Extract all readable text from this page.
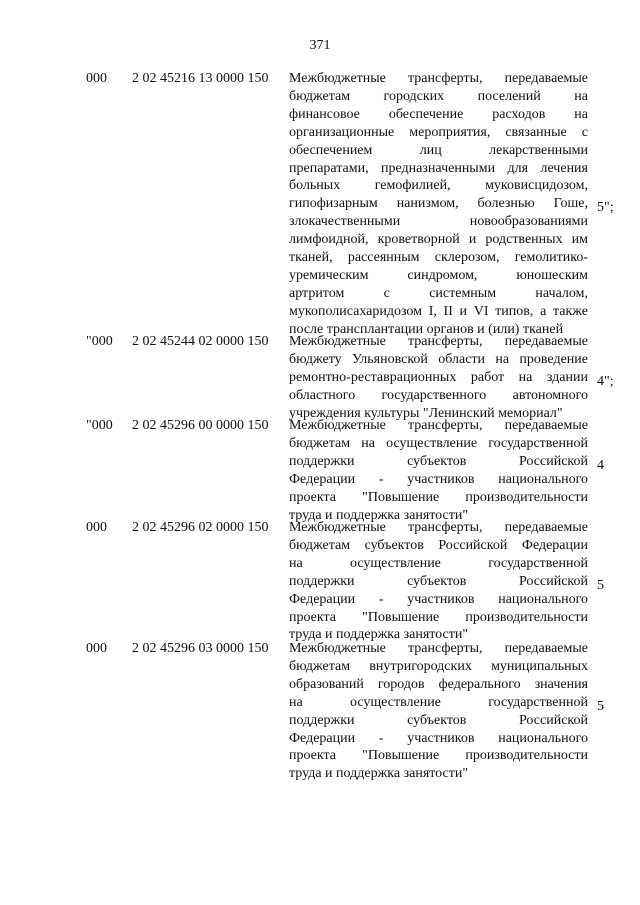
371
000 2 02 45216 13 0000 150 Межбюджетные трансферты, передаваемые
бюджетам городских поселений на
финансовое обеспечение расходов на
организационные мероприятия, связанные с
обеспечением лиц лекарственными
препаратами, предназначенными для лечения
больных гемофилией, муковисцидозом,
гипофизарным нанизмом, болезнью Гоше,
злокачественными новообразованиями
лимфоидной, кроветворной и родственных им
тканей, рассеянным склерозом, гемолитико-
уремическим синдромом, юношеским
артритом с системным началом,
мукополисахаридозом I, II и VI типов, а также
после трансплантации органов и (или) тканей
5";
"000 2 02 45244 02 0000 150 Межбюджетные трансферты, передаваемые
бюджету Ульяновской области на проведение
ремонтно-реставрационных работ на здании
областного государственного автономного
учреждения культуры "Ленинский мемориал"
4";
"000 2 02 45296 00 0000 150 Межбюджетные трансферты, передаваемые
бюджетам на осуществление государственной
поддержки субъектов Российской
Федерации - участников национального
проекта "Повышение производительности
труда и поддержка занятости"
4
000 2 02 45296 02 0000 150 Межбюджетные трансферты, передаваемые
бюджетам субъектов Российской Федерации
на осуществление государственной
поддержки субъектов Российской
Федерации - участников национального
проекта "Повышение производительности
труда и поддержка занятости"
5
000 2 02 45296 03 0000 150 Межбюджетные трансферты, передаваемые
бюджетам внутригородских муниципальных
образований городов федерального значения
на осуществление государственной
поддержки субъектов Российской
Федерации - участников национального
проекта "Повышение производительности
труда и поддержка занятости"
5
